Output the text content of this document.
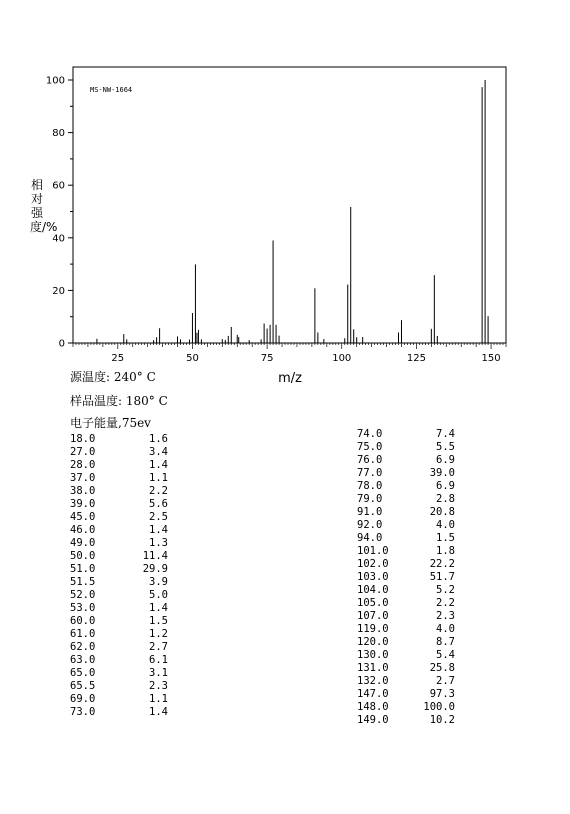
0
20
40
60
80
100
25	50	75	100	125	150
MS-NW-1664
m/z
相对强度/%
源温度: 240° C
样品温度: 180° C
电子能量,75ev
18.0	1.6
27.0	3.4
28.0	1.4
37.0	1.1
38.0	2.2
39.0	5.6
45.0	2.5
46.0	1.4
49.0	1.3
50.0	11.4
51.0	29.9
51.5	3.9
52.0	5.0
53.0	1.4
60.0	1.5
61.0	1.2
62.0	2.7
63.0	6.1
65.0	3.1
65.5	2.3
69.0	1.1
73.0	1.4
74.0	7.4
75.0	5.5
76.0	6.9
77.0	39.0
78.0	6.9
79.0	2.8
91.0	20.8
92.0	4.0
94.0	1.5
101.0	1.8
102.0	22.2
103.0	51.7
104.0	5.2
105.0	2.2
107.0	2.3
119.0	4.0
120.0	8.7
130.0	5.4
131.0	25.8
132.0	2.7
147.0	97.3
148.0	100.0
149.0	10.2
